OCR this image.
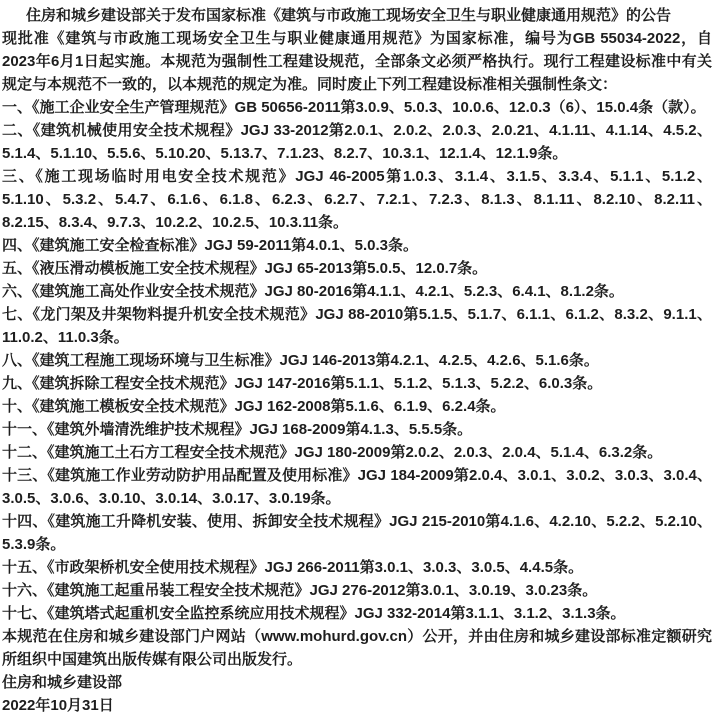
住房和城乡建设部关于发布国家标准《建筑与市政施工现场安全卫生与职业健康通用规范》的公告

现批准《建筑与市政施工现场安全卫生与职业健康通用规范》为国家标准，编号为GB 55034-2022，自2023年6月1日起实施。本规范为强制性工程建设规范，全部条文必须严格执行。现行工程建设标准中有关规定与本规范不一致的，以本规范的规定为准。同时废止下列工程建设标准相关强制性条文：

一、《施工企业安全生产管理规范》GB 50656-2011第3.0.9、5.0.3、10.0.6、12.0.3（6）、15.0.4条（款）。

二、《建筑机械使用安全技术规程》JGJ 33-2012第2.0.1、2.0.2、2.0.3、2.0.21、4.1.11、4.1.14、4.5.2、5.1.4、5.1.10、5.5.6、5.10.20、5.13.7、7.1.23、8.2.7、10.3.1、12.1.4、12.1.9条。

三、《施工现场临时用电安全技术规范》JGJ 46-2005第1.0.3、3.1.4、3.1.5、3.3.4、5.1.1、5.1.2、5.1.10、5.3.2、5.4.7、6.1.6、6.1.8、6.2.3、6.2.7、7.2.1、7.2.3、8.1.3、8.1.11、8.2.10、8.2.11、8.2.15、8.3.4、9.7.3、10.2.2、10.2.5、10.3.11条。

四、《建筑施工安全检查标准》JGJ 59-2011第4.0.1、5.0.3条。

五、《液压滑动模板施工安全技术规程》JGJ 65-2013第5.0.5、12.0.7条。

六、《建筑施工高处作业安全技术规范》JGJ 80-2016第4.1.1、4.2.1、5.2.3、6.4.1、8.1.2条。

七、《龙门架及井架物料提升机安全技术规范》JGJ 88-2010第5.1.5、5.1.7、6.1.1、6.1.2、8.3.2、9.1.1、11.0.2、11.0.3条。

八、《建筑工程施工现场环境与卫生标准》JGJ 146-2013第4.2.1、4.2.5、4.2.6、5.1.6条。

九、《建筑拆除工程安全技术规范》JGJ 147-2016第5.1.1、5.1.2、5.1.3、5.2.2、6.0.3条。

十、《建筑施工模板安全技术规范》JGJ 162-2008第5.1.6、6.1.9、6.2.4条。

十一、《建筑外墙清洗维护技术规程》JGJ 168-2009第4.1.3、5.5.5条。

十二、《建筑施工土石方工程安全技术规范》JGJ 180-2009第2.0.2、2.0.3、2.0.4、5.1.4、6.3.2条。

十三、《建筑施工作业劳动防护用品配置及使用标准》JGJ 184-2009第2.0.4、3.0.1、3.0.2、3.0.3、3.0.4、3.0.5、3.0.6、3.0.10、3.0.14、3.0.17、3.0.19条。

十四、《建筑施工升降机安装、使用、拆卸安全技术规程》JGJ 215-2010第4.1.6、4.2.10、5.2.2、5.2.10、5.3.9条。

十五、《市政架桥机安全使用技术规程》JGJ 266-2011第3.0.1、3.0.3、3.0.5、4.4.5条。

十六、《建筑施工起重吊装工程安全技术规范》JGJ 276-2012第3.0.1、3.0.19、3.0.23条。

十七、《建筑塔式起重机安全监控系统应用技术规程》JGJ 332-2014第3.1.1、3.1.2、3.1.3条。

本规范在住房和城乡建设部门户网站（www.mohurd.gov.cn）公开，并由住房和城乡建设部标准定额研究所组织中国建筑出版传媒有限公司出版发行。

住房和城乡建设部

2022年10月31日
